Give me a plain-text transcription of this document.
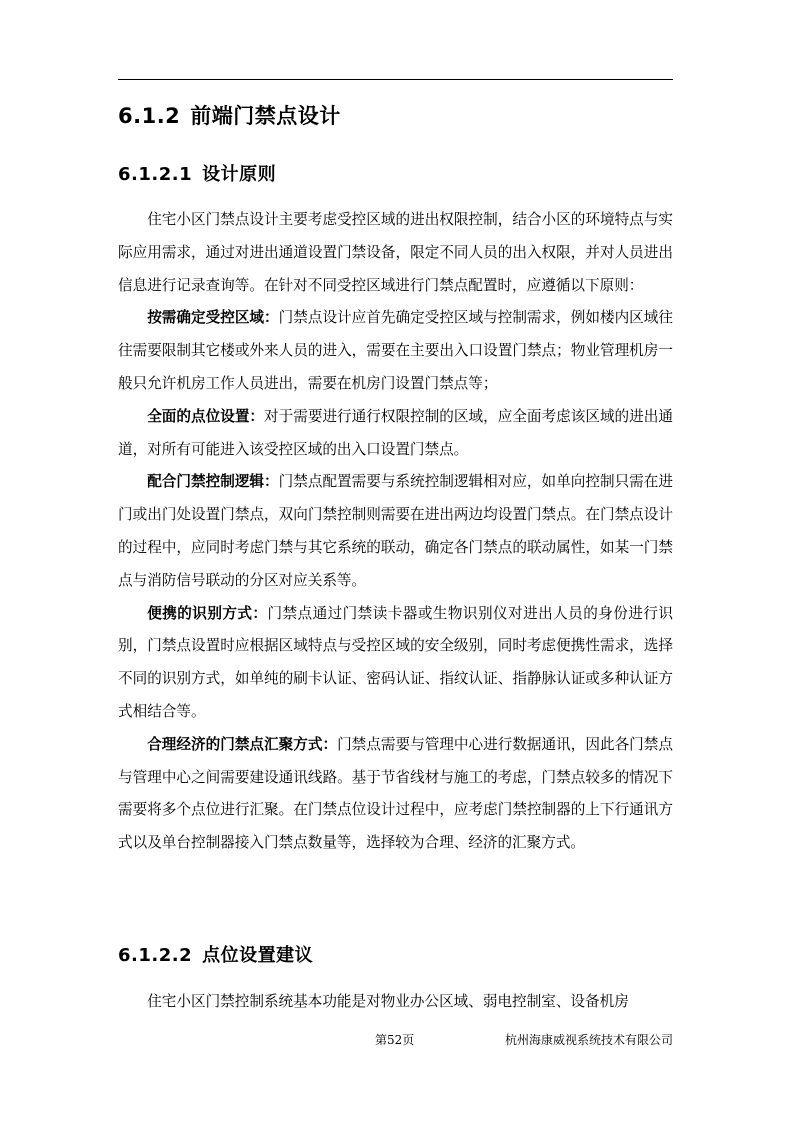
6.1.2 前端门禁点设计
6.1.2.1 设计原则

住宅小区门禁点设计主要考虑受控区域的进出权限控制，结合小区的环境特点与实际应用需求，通过对进出通道设置门禁设备，限定不同人员的出入权限，并对人员进出信息进行记录查询等。在针对不同受控区域进行门禁点配置时，应遵循以下原则：

按需确定受控区域：门禁点设计应首先确定受控区域与控制需求，例如楼内区域往往需要限制其它楼或外来人员的进入，需要在主要出入口设置门禁点；物业管理机房一般只允许机房工作人员进出，需要在机房门设置门禁点等；

全面的点位设置：对于需要进行通行权限控制的区域，应全面考虑该区域的进出通道，对所有可能进入该受控区域的出入口设置门禁点。

配合门禁控制逻辑：门禁点配置需要与系统控制逻辑相对应，如单向控制只需在进门或出门处设置门禁点，双向门禁控制则需要在进出两边均设置门禁点。在门禁点设计的过程中，应同时考虑门禁与其它系统的联动，确定各门禁点的联动属性，如某一门禁点与消防信号联动的分区对应关系等。

便携的识别方式：门禁点通过门禁读卡器或生物识别仪对进出人员的身份进行识别，门禁点设置时应根据区域特点与受控区域的安全级别，同时考虑便携性需求，选择不同的识别方式，如单纯的刷卡认证、密码认证、指纹认证、指静脉认证或多种认证方式相结合等。

合理经济的门禁点汇聚方式：门禁点需要与管理中心进行数据通讯，因此各门禁点与管理中心之间需要建设通讯线路。基于节省线材与施工的考虑，门禁点较多的情况下需要将多个点位进行汇聚。在门禁点位设计过程中，应考虑门禁控制器的上下行通讯方式以及单台控制器接入门禁点数量等，选择较为合理、经济的汇聚方式。

6.1.2.2 点位设置建议

住宅小区门禁控制系统基本功能是对物业办公区域、弱电控制室、设备机房

第52页	杭州海康威视系统技术有限公司
